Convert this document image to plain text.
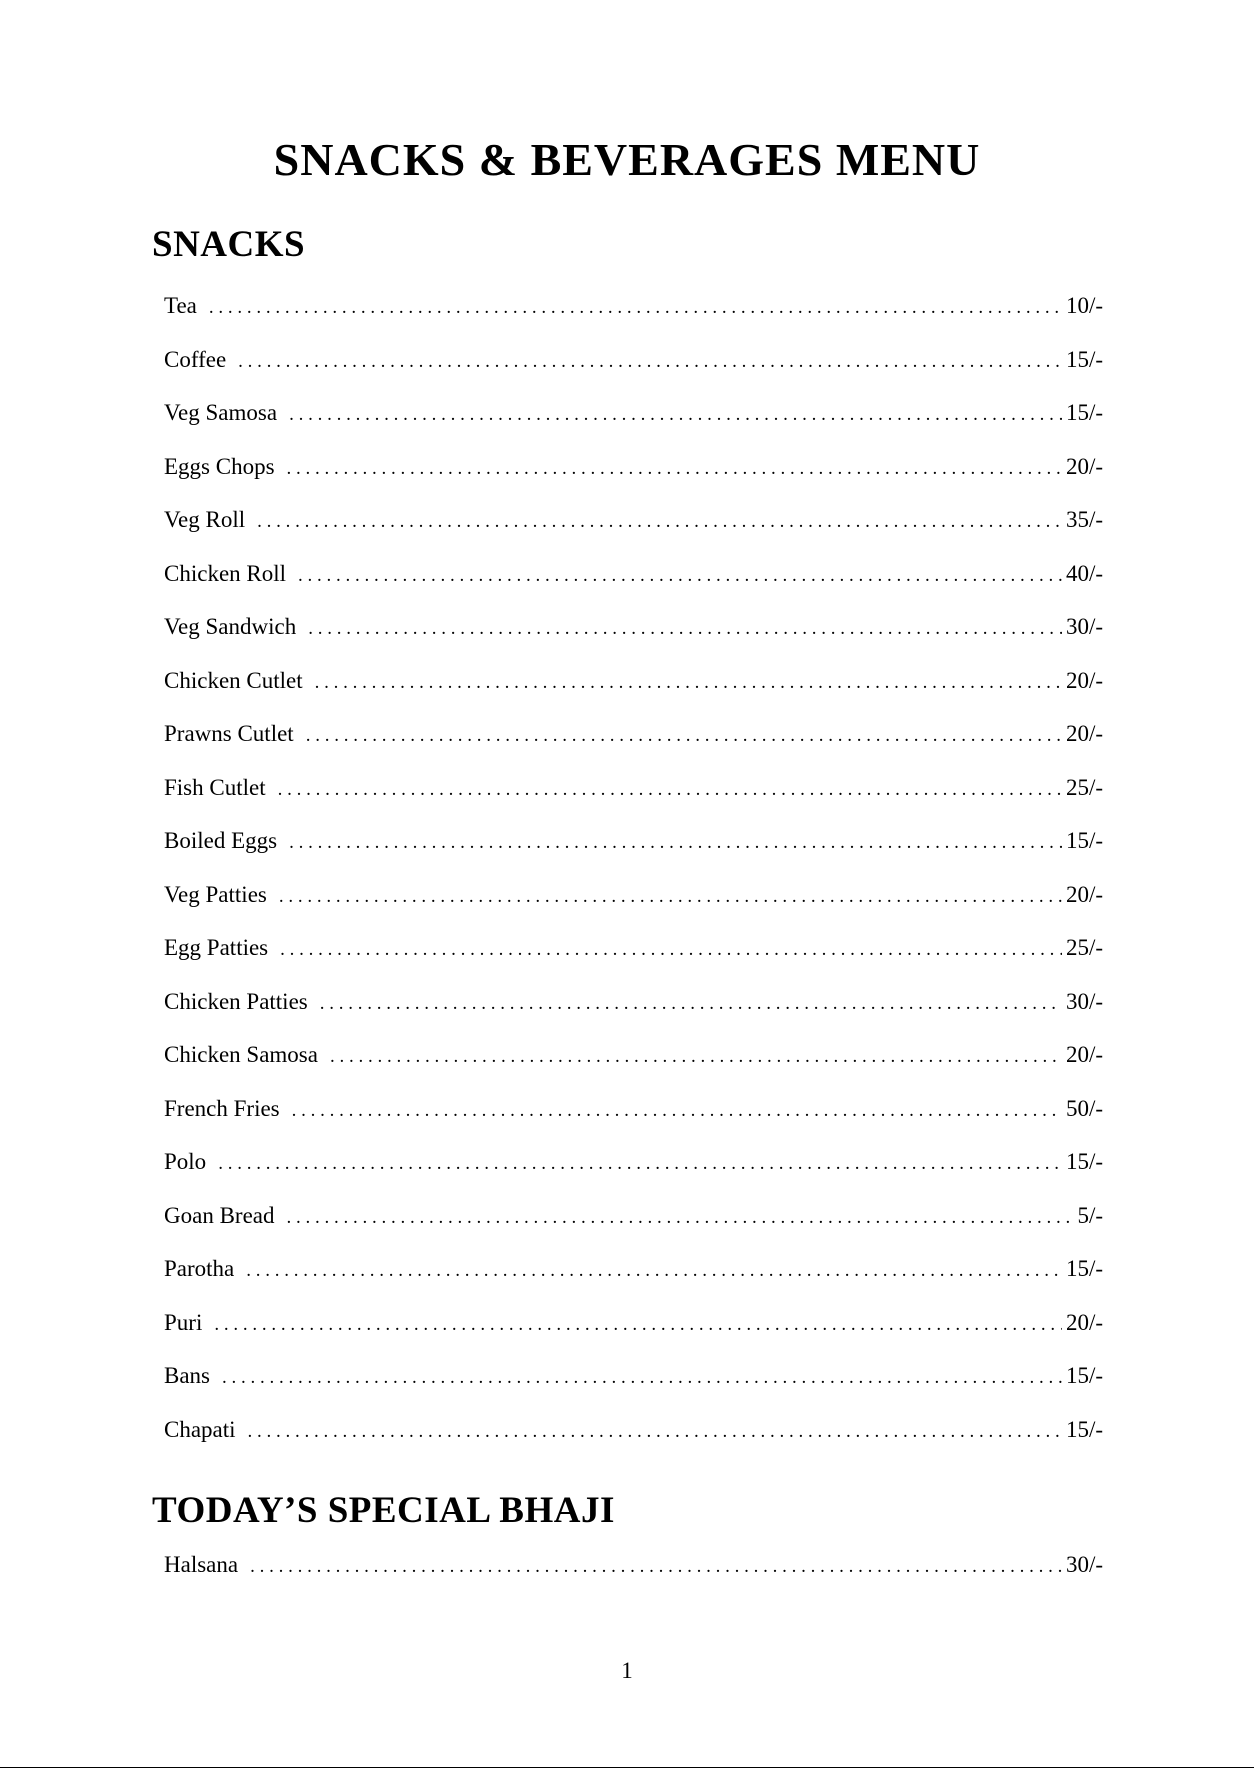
SNACKS & BEVERAGES MENU
SNACKS
Tea . . .	10/-
Coffee . . .	15/-
Veg Samosa . . .	15/-
Eggs Chops . . .	20/-
Veg Roll . . .	35/-
Chicken Roll . . .	40/-
Veg Sandwich . . .	30/-
Chicken Cutlet . . .	20/-
Prawns Cutlet . . .	20/-
Fish Cutlet . . .	25/-
Boiled Eggs . . .	15/-
Veg Patties . . .	20/-
Egg Patties . . .	25/-
Chicken Patties . . .	30/-
Chicken Samosa . . .	20/-
French Fries . . .	50/-
Polo . . .	15/-
Goan Bread . . .	5/-
Parotha . . .	15/-
Puri . . .	20/-
Bans . . .	15/-
Chapati . . .	15/-
TODAY’S SPECIAL BHAJI
Halsana . . .	30/-
1
